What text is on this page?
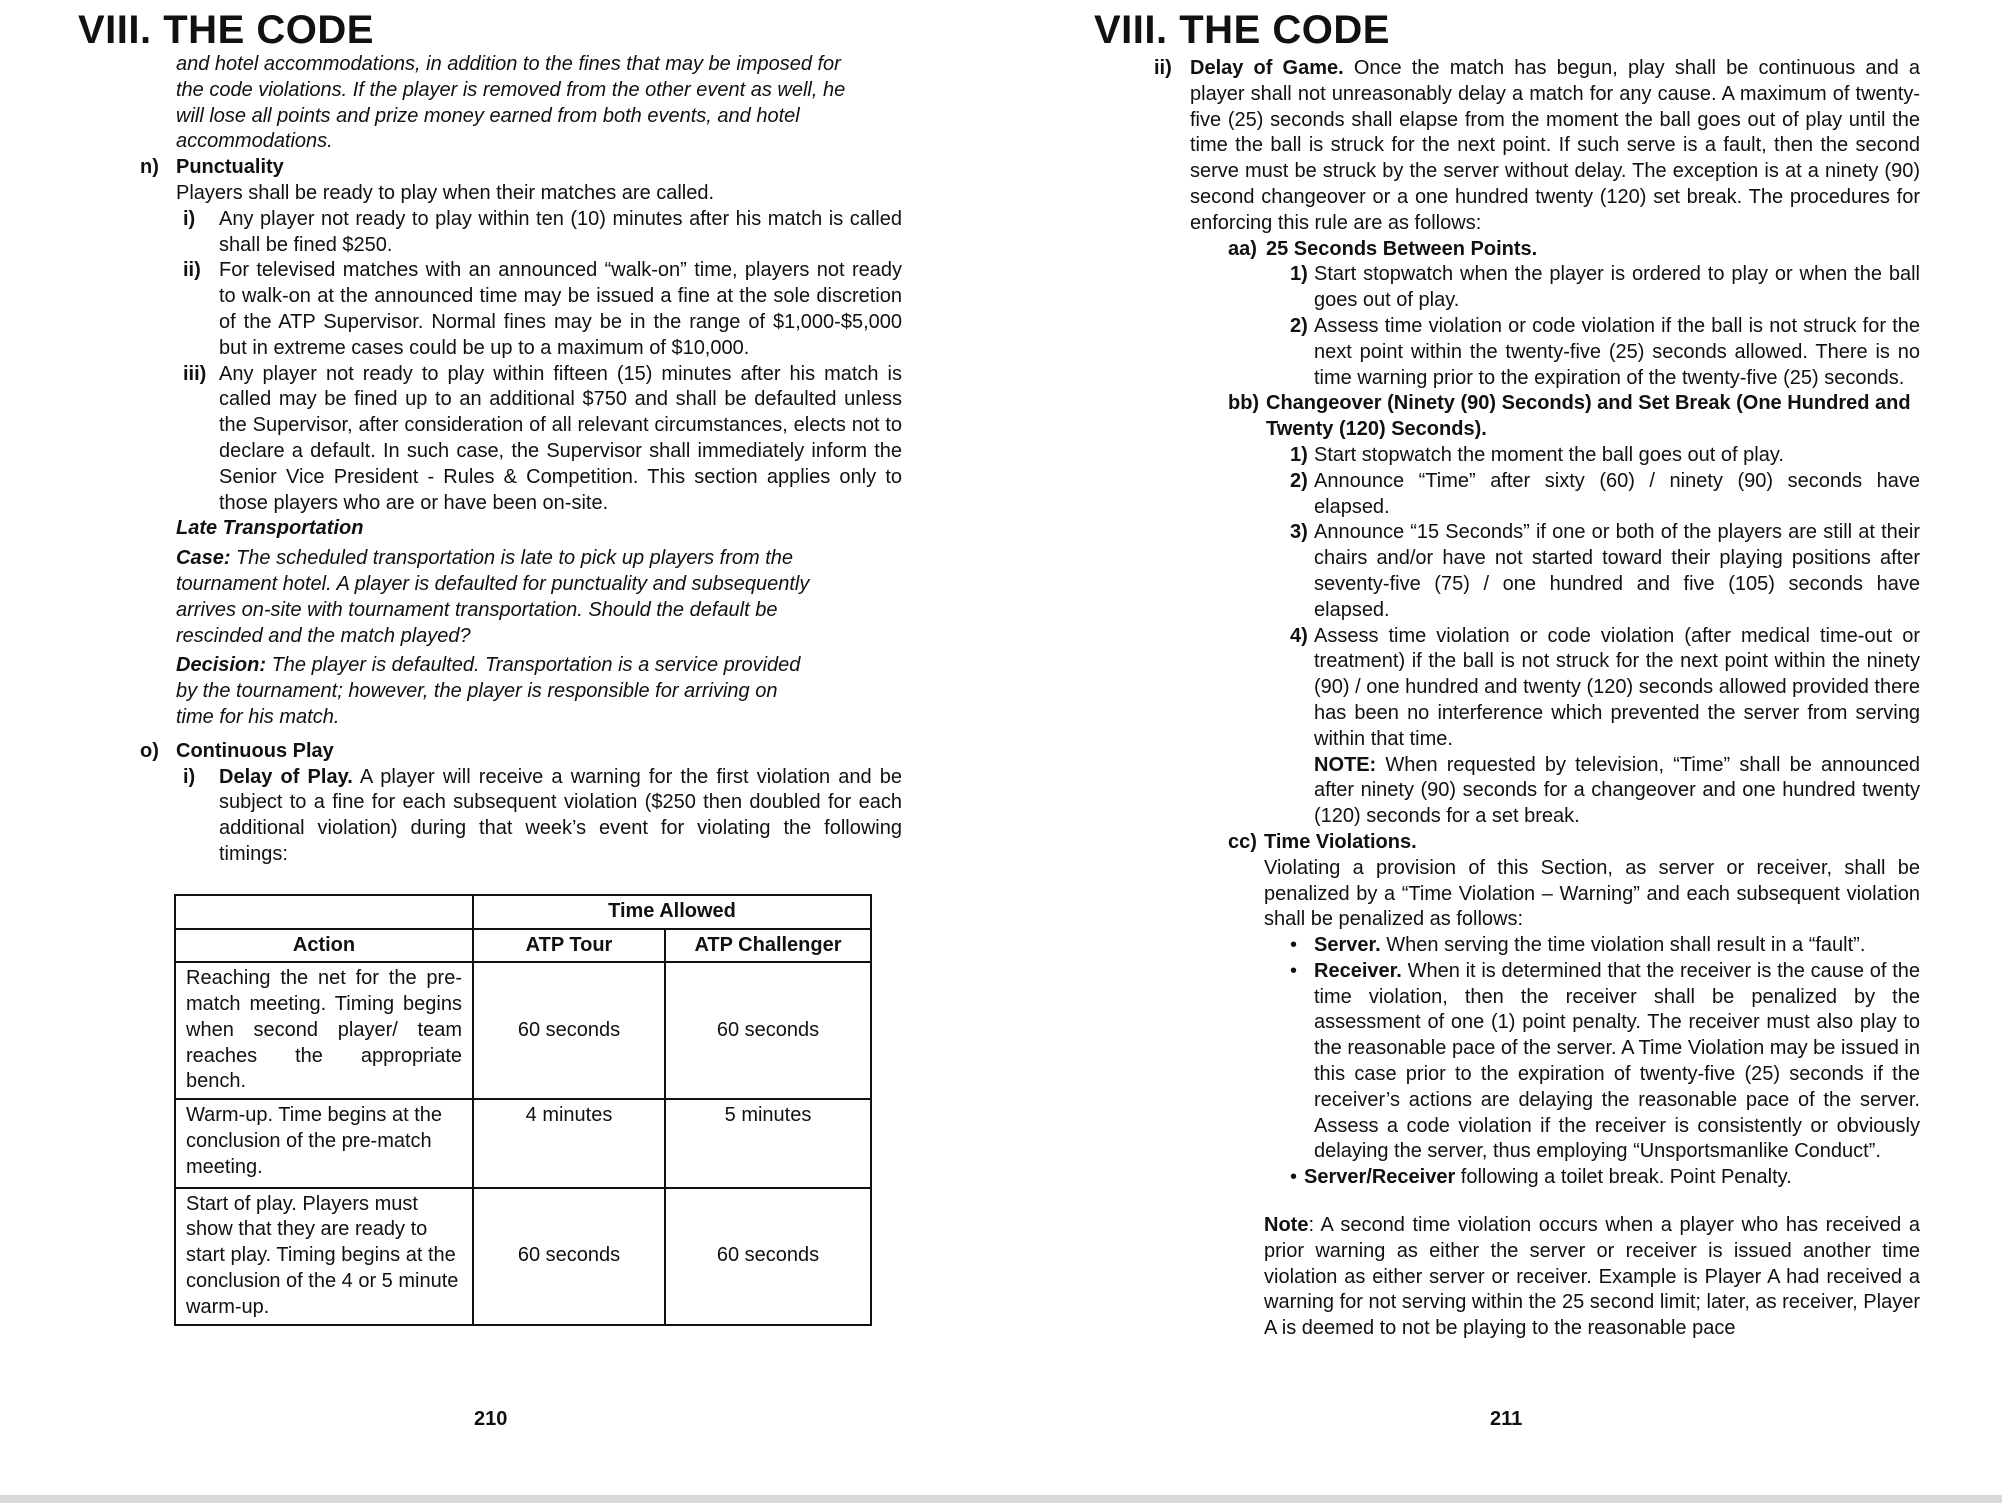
VIII. THE CODE

and hotel accommodations, in addition to the fines that may be imposed for the code violations. If the player is removed from the other event as well, he will lose all points and prize money earned from both events, and hotel accommodations.

n) Punctuality

Players shall be ready to play when their matches are called.

i)	Any player not ready to play within ten (10) minutes after his match is called shall be fined $250.
ii) For televised matches with an announced “walk-on” time, players not ready to walk-on at the announced time may be issued a fine at the sole discretion of the ATP Supervisor. Normal fines may be in the range of $1,000-$5,000 but in extreme cases could be up to a maximum of $10,000.
iii) Any player not ready to play within fifteen (15) minutes after his match is called may be fined up to an additional $750 and shall be defaulted unless the Supervisor, after consideration of all relevant circumstances, elects not to declare a default. In such case, the Supervisor shall immediately inform the Senior Vice President - Rules & Competition. This section applies only to those players who are or have been on-site.

Late Transportation

Case: The scheduled transportation is late to pick up players from the tournament hotel. A player is defaulted for punctuality and subsequently arrives on-site with tournament transportation. Should the default be rescinded and the match played?

Decision: The player is defaulted. Transportation is a service provided by the tournament; however, the player is responsible for arriving on time for his match.

o) Continuous Play
i)	Delay of Play. A player will receive a warning for the first violation and be subject to a fine for each subsequent violation ($250 then doubled for each additional violation) during that week’s event for violating the following timings:
	Time Allowed	
Action	ATP Tour	ATP Challenger
Reaching the net for the pre-match meeting. Timing begins when second player/ team reaches the appropriate bench.	60 seconds	60 seconds
Warm-up. Time begins at the conclusion of the pre-match meeting.	4 minutes	5 minutes
Start of play. Players must show that they are ready to start play. Timing begins at the conclusion of the 4 or 5 minute warm-up.	60 seconds	60 seconds
210
VIII. THE CODE
ii) Delay of Game. Once the match has begun, play shall be continuous and a player shall not unreasonably delay a match for any cause. A maximum of twenty-five (25) seconds shall elapse from the moment the ball goes out of play until the time the ball is struck for the next point. If such serve is a fault, then the second serve must be struck by the server without delay. The exception is at a ninety (90) second changeover or a one hundred twenty (120) set break. The procedures for enforcing this rule are as follows:
aa) 25 Seconds Between Points.
1) Start stopwatch when the player is ordered to play or when the ball goes out of play.
2) Assess time violation or code violation if the ball is not struck for the next point within the twenty-five (25) seconds allowed. There is no time warning prior to the expiration of the twenty-five (25) seconds.
bb) Changeover (Ninety (90) Seconds) and Set Break (One Hundred and Twenty (120) Seconds).
1) Start stopwatch the moment the ball goes out of play.
2) Announce “Time” after sixty (60) / ninety (90) seconds have elapsed.
3) Announce “15 Seconds” if one or both of the players are still at their chairs and/or have not started toward their playing positions after seventy-five (75) / one hundred and five (105) seconds have elapsed.
4) Assess time violation or code violation (after medical time-out or treatment) if the ball is not struck for the next point within the ninety (90) / one hundred and twenty (120) seconds allowed provided there has been no interference which prevented the server from serving within that time.

NOTE: When requested by television, “Time” shall be announced after ninety (90) seconds for a changeover and one hundred twenty (120) seconds for a set break.

cc) Time Violations.

Violating a provision of this Section, as server or receiver, shall be penalized by a “Time Violation – Warning” and each subsequent violation shall be penalized as follows:

• Server. When serving the time violation shall result in a “fault”.
• Receiver. When it is determined that the receiver is the cause of the time violation, then the receiver shall be penalized by the assessment of one (1) point penalty. The receiver must also play to the reasonable pace of the server. A Time Violation may be issued in this case prior to the expiration of twenty-five (25) seconds if the receiver’s actions are delaying the reasonable pace of the server. Assess a code violation if the receiver is consistently or obviously delaying the server, thus employing “Unsportsmanlike Conduct”.
• Server/Receiver following a toilet break. Point Penalty.

Note: A second time violation occurs when a player who has received a prior warning as either the server or receiver is issued another time violation as either server or receiver. Example is Player A had received a warning for not serving within the 25 second limit; later, as receiver, Player A is deemed to not be playing to the reasonable pace

211
